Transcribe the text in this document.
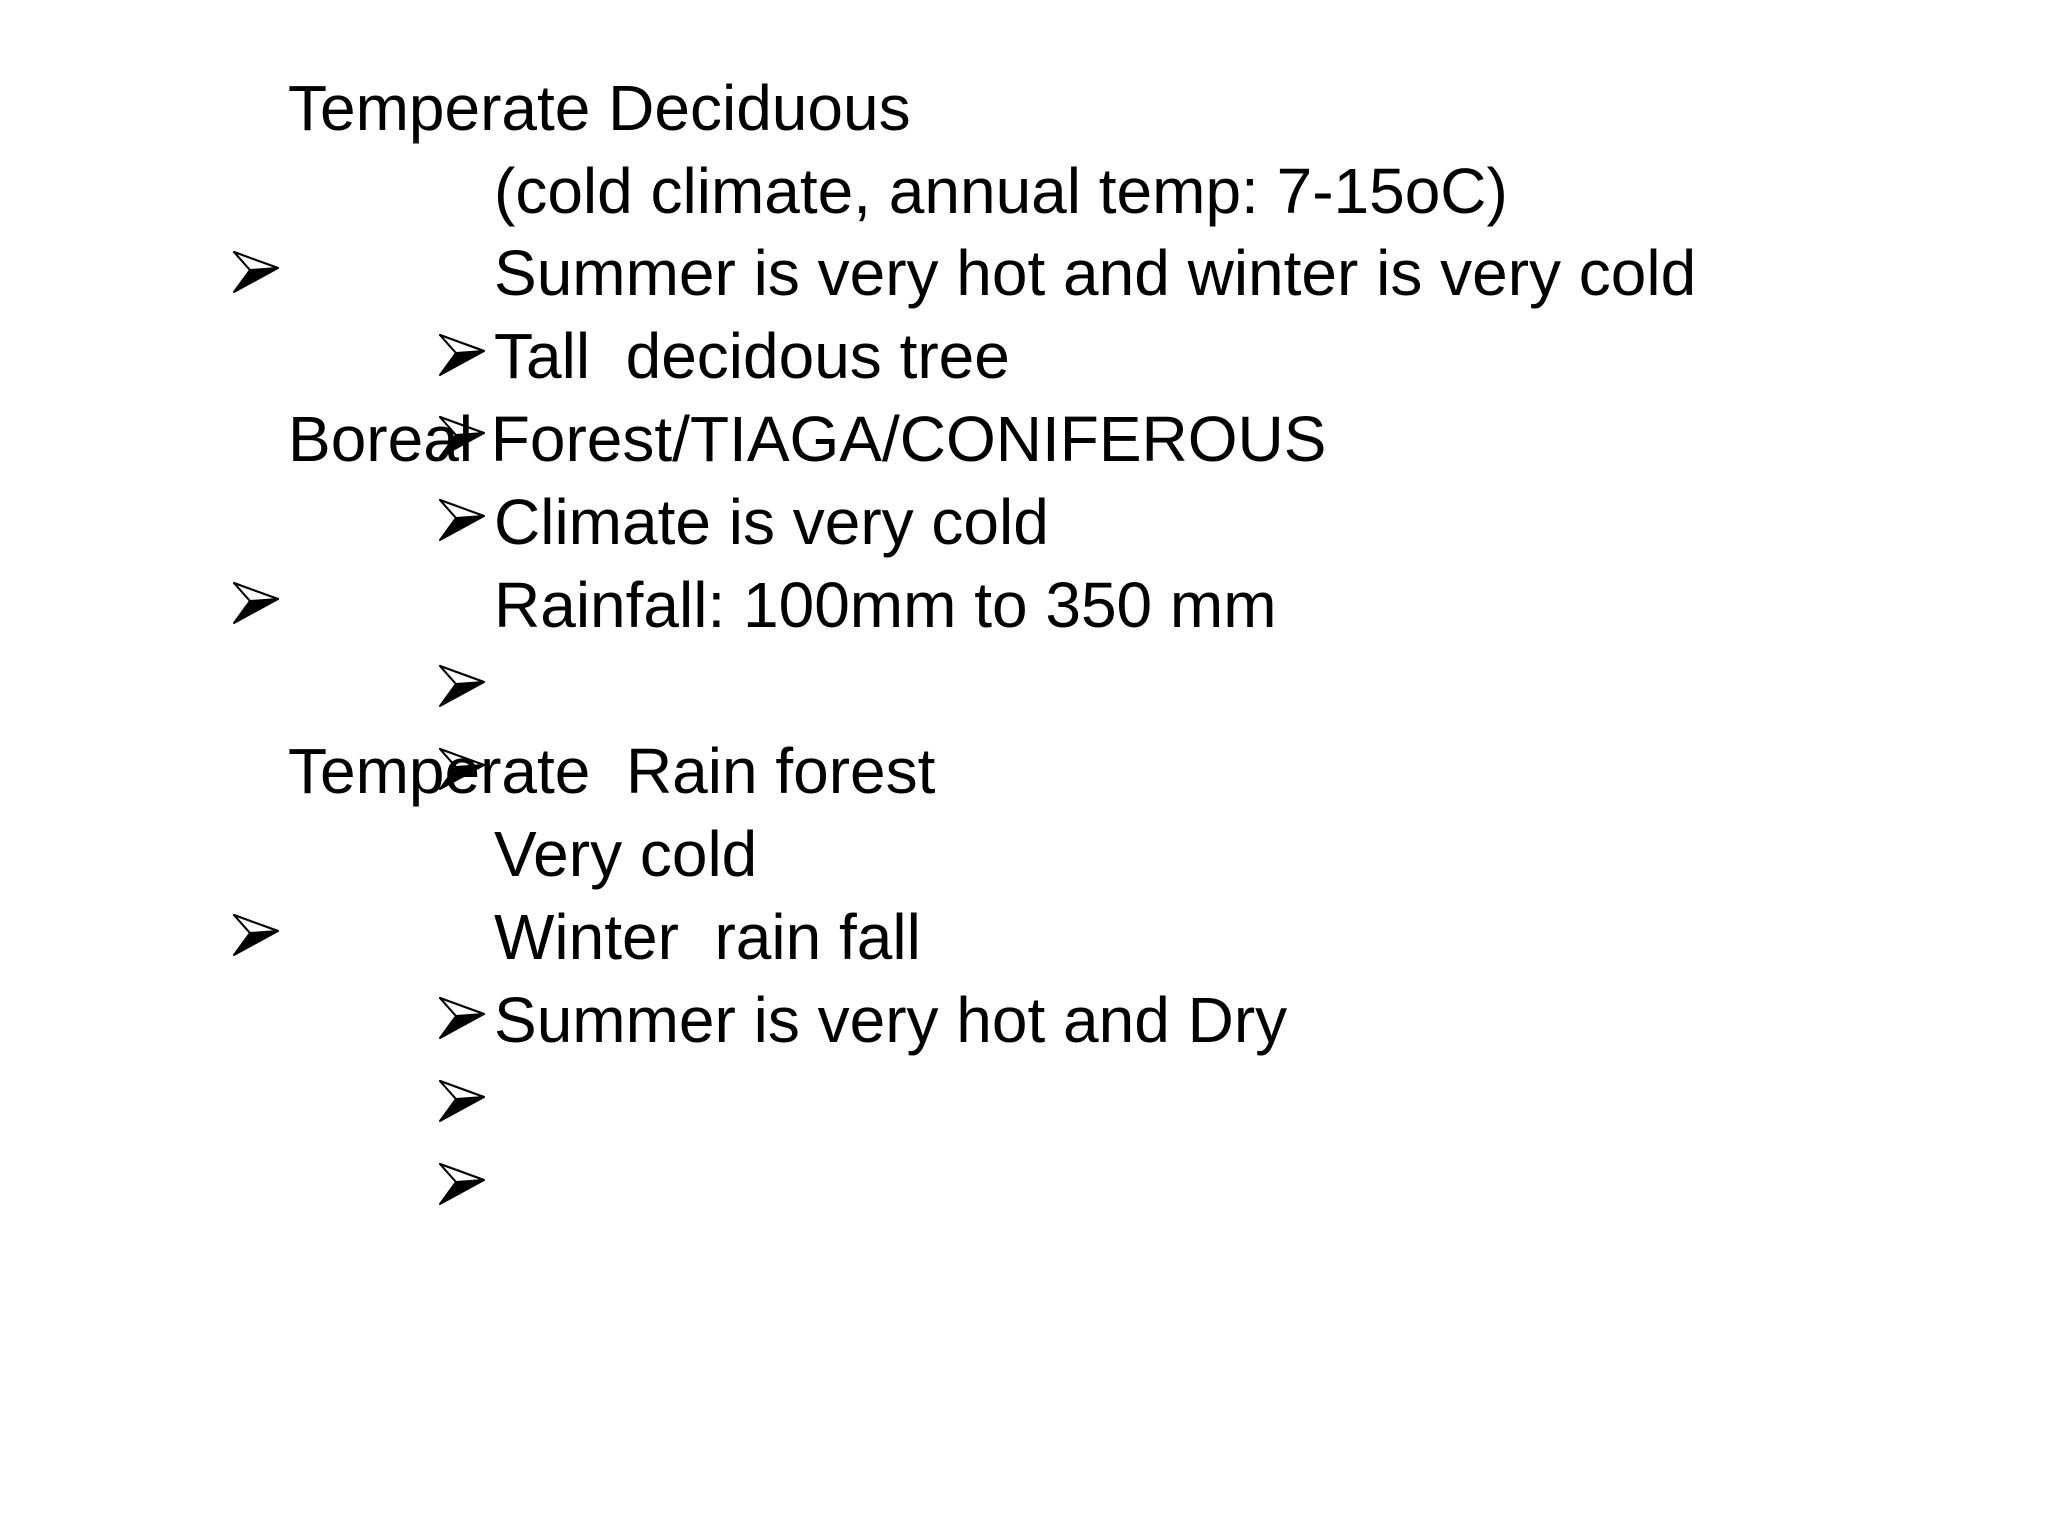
Temperate Deciduous

(cold climate, annual temp: 7-15oC)

Summer is very hot and winter is very cold

Tall  decidous tree

Boreal Forest/TIAGA/CONIFEROUS

Climate is very cold

Rainfall: 100mm to 350 mm

Temperate  Rain forest

Very cold

Winter  rain fall

Summer is very hot and Dry
